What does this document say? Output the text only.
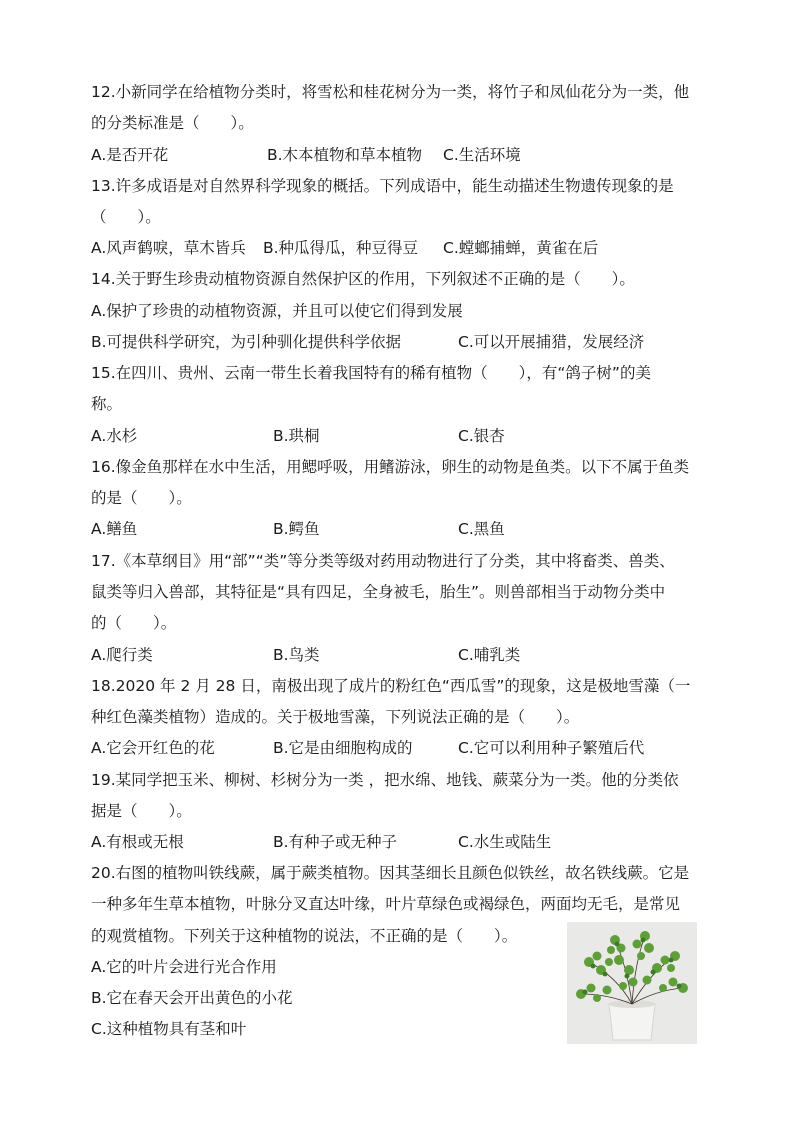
12.小新同学在给植物分类时，将雪松和桂花树分为一类，将竹子和凤仙花分为一类，他
的分类标准是（　　）。
A.是否开花	B.木本植物和草本植物 C.生活环境
13.许多成语是对自然界科学现象的概括。下列成语中，能生动描述生物遗传现象的是
（　　）。
A.风声鹤唳，草木皆兵 B.种瓜得瓜，种豆得豆 C.螳螂捕蝉，黄雀在后
14.关于野生珍贵动植物资源自然保护区的作用，下列叙述不正确的是（　　）。
A.保护了珍贵的动植物资源，并且可以使它们得到发展
B.可提供科学研究，为引种驯化提供科学依据	C.可以开展捕猎，发展经济
15.在四川、贵州、云南一带生长着我国特有的稀有植物（　　），有“鸽子树”的美
称。
A.水杉	B.珙桐	C.银杏
16.像金鱼那样在水中生活，用鳃呼吸，用鳍游泳，卵生的动物是鱼类。以下不属于鱼类
的是（　　）。
A.鳝鱼	B.鳄鱼	C.黑鱼
17.《本草纲目》用“部”“类”等分类等级对药用动物进行了分类，其中将畜类、兽类、
鼠类等归入兽部，其特征是“具有四足，全身被毛，胎生”。则兽部相当于动物分类中
的（　　）。
A.爬行类	B.鸟类	C.哺乳类
18.2020 年 2 月 28 日，南极出现了成片的粉红色“西瓜雪”的现象，这是极地雪藻（一
种红色藻类植物）造成的。关于极地雪藻，下列说法正确的是（　　）。
A.它会开红色的花	B.它是由细胞构成的	C.它可以利用种子繁殖后代
19.某同学把玉米、柳树、杉树分为一类 ，把水绵、地钱、蕨菜分为一类。他的分类依
据是（　　）。
A.有根或无根	B.有种子或无种子	C.水生或陆生
20.右图的植物叫铁线蕨，属于蕨类植物。因其茎细长且颜色似铁丝，故名铁线蕨。它是
一种多年生草本植物，叶脉分叉直达叶缘，叶片草绿色或褐绿色，两面均无毛，是常见
的观赏植物。下列关于这种植物的说法，不正确的是（　　）。
A.它的叶片会进行光合作用
B.它在春天会开出黄色的小花
C.这种植物具有茎和叶
